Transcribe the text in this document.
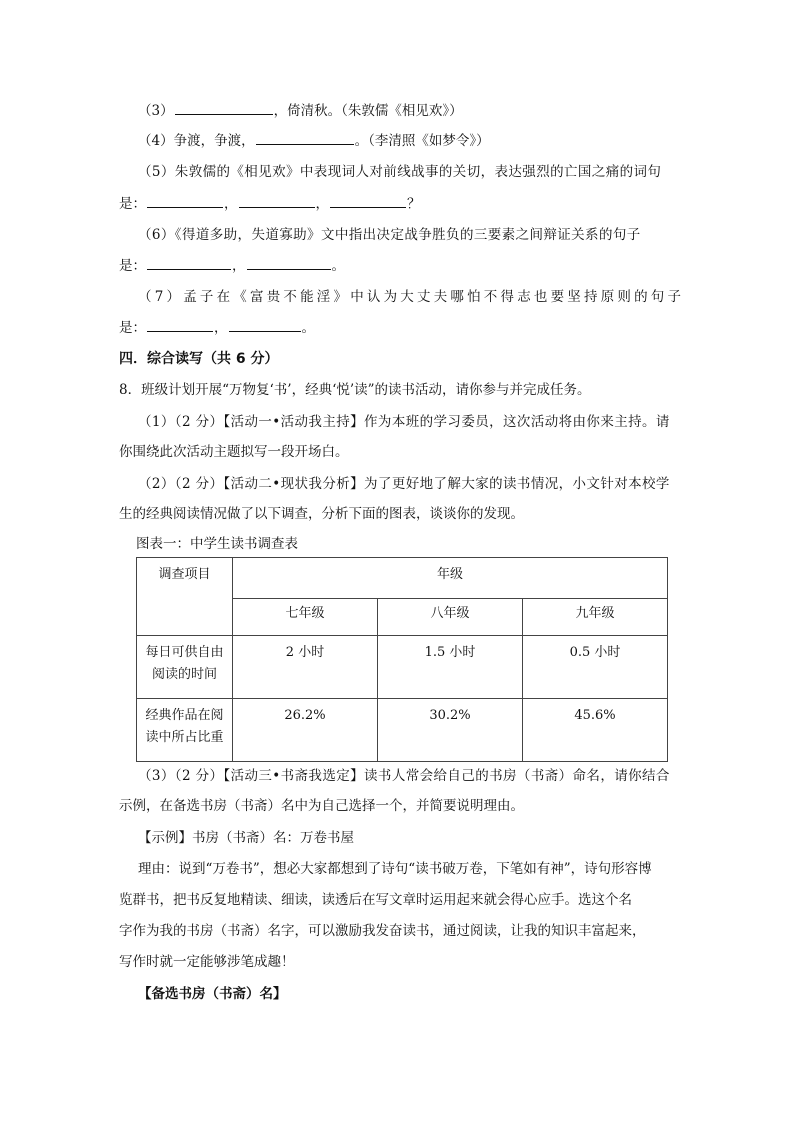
（3）	，倚清秋。（朱敦儒《相见欢》）
（4）争渡，争渡，	。（李清照《如梦令》）
（5）朱敦儒的《相见欢》中表现词人对前线战事的关切，表达强烈的亡国之痛的词句
是：	，	，	？
（6）《得道多助，失道寡助》文中指出决定战争胜负的三要素之间辩证关系的句子
是：	，	。
（7）孟子在《富贵不能淫》中认为大丈夫哪怕不得志也要坚持原则的句子
是：	，	。
四．综合读写（共 6 分）
8．班级计划开展“万物复‘书’，经典‘悦’读”的读书活动，请你参与并完成任务。
（1）（2 分）【活动一•活动我主持】作为本班的学习委员，这次活动将由你来主持。请
你围绕此次活动主题拟写一段开场白。
（2）（2 分）【活动二•现状我分析】为了更好地了解大家的读书情况，小文针对本校学
生的经典阅读情况做了以下调查，分析下面的图表，谈谈你的发现。
图表一：中学生读书调查表
调查项目	年级		
	七年级	八年级	九年级

每日可供自由
阅读的时间	2 小时	1.5 小时	0.5 小时

经典作品在阅
读中所占比重	26.2%	30.2%	45.6%
（3）（2 分）【活动三•书斋我选定】读书人常会给自己的书房（书斋）命名，请你结合
示例，在备选书房（书斋）名中为自己选择一个，并简要说明理由。
【示例】书房（书斋）名：万卷书屋
理由：说到“万卷书”，想必大家都想到了诗句“读书破万卷，下笔如有神”，诗句形容博
览群书，把书反复地精读、细读，读透后在写文章时运用起来就会得心应手。选这个名
字作为我的书房（书斋）名字，可以激励我发奋读书，通过阅读，让我的知识丰富起来，
写作时就一定能够涉笔成趣！
【备选书房（书斋）名】
